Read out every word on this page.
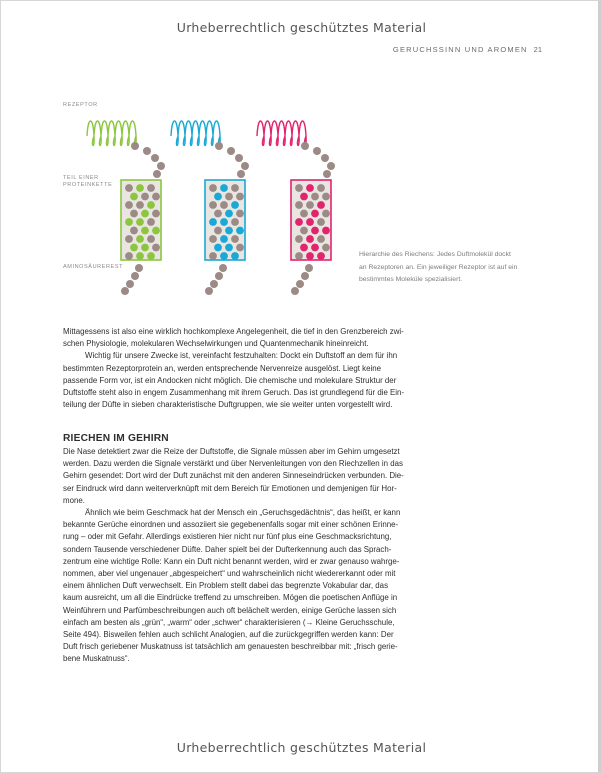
Urheberrechtlich geschütztes Material
GERUCHSSINN UND AROMEN 21
REZEPTOR
TEIL EINER
PROTEINKETTE
AMINOSÄUREREST
Hierarchie des Riechens: Jedes Duftmolekül dockt
an Rezeptoren an. Ein jeweiliger Rezeptor ist auf ein
bestimmtes Moleküle spezialisiert.
Mittagessens ist also eine wirklich hochkomplexe Angelegenheit, die tief in den Grenzbereich zwi-
schen Physiologie, molekularen Wechselwirkungen und Quantenmechanik hineinreicht.
Wichtig für unsere Zwecke ist, vereinfacht festzuhalten: Dockt ein Duftstoff an dem für ihn
bestimmten Rezeptorprotein an, werden entsprechende Nervenreize ausgelöst. Liegt keine
passende Form vor, ist ein Andocken nicht möglich. Die chemische und molekulare Struktur der
Duftstoffe steht also in engem Zusammenhang mit ihrem Geruch. Das ist grundlegend für die Ein-
teilung der Düfte in sieben charakteristische Duftgruppen, wie sie weiter unten vorgestellt wird.
RIECHEN IM GEHIRN
Die Nase detektiert zwar die Reize der Duftstoffe, die Signale müssen aber im Gehirn umgesetzt
werden. Dazu werden die Signale verstärkt und über Nervenleitungen von den Riechzellen in das
Gehirn gesendet: Dort wird der Duft zunächst mit den anderen Sinneseindrücken verbunden. Die-
ser Eindruck wird dann weiterverknüpft mit dem Bereich für Emotionen und demjenigen für Hor-
mone.
Ähnlich wie beim Geschmack hat der Mensch ein „Geruchsgedächtnis“, das heißt, er kann
bekannte Gerüche einordnen und assoziiert sie gegebenenfalls sogar mit einer schönen Erinne-
rung – oder mit Gefahr. Allerdings existieren hier nicht nur fünf plus eine Geschmacksrichtung,
sondern Tausende verschiedener Düfte. Daher spielt bei der Dufterkennung auch das Sprach-
zentrum eine wichtige Rolle: Kann ein Duft nicht benannt werden, wird er zwar genauso wahrge-
nommen, aber viel ungenauer „abgespeichert“ und wahrscheinlich nicht wiedererkannt oder mit
einem ähnlichen Duft verwechselt. Ein Problem stellt dabei das begrenzte Vokabular dar, das
kaum ausreicht, um all die Eindrücke treffend zu umschreiben. Mögen die poetischen Anflüge in
Weinführern und Parfümbeschreibungen auch oft belächelt werden, einige Gerüche lassen sich
einfach am besten als „grün“, „warm“ oder „schwer“ charakterisieren (→ Kleine Geruchsschule,
Seite 494). Bisweilen fehlen auch schlicht Analogien, auf die zurückgegriffen werden kann: Der
Duft frisch geriebener Muskatnuss ist tatsächlich am genauesten beschreibbar mit: „frisch gerie-
bene Muskatnuss“.
Urheberrechtlich geschütztes Material
